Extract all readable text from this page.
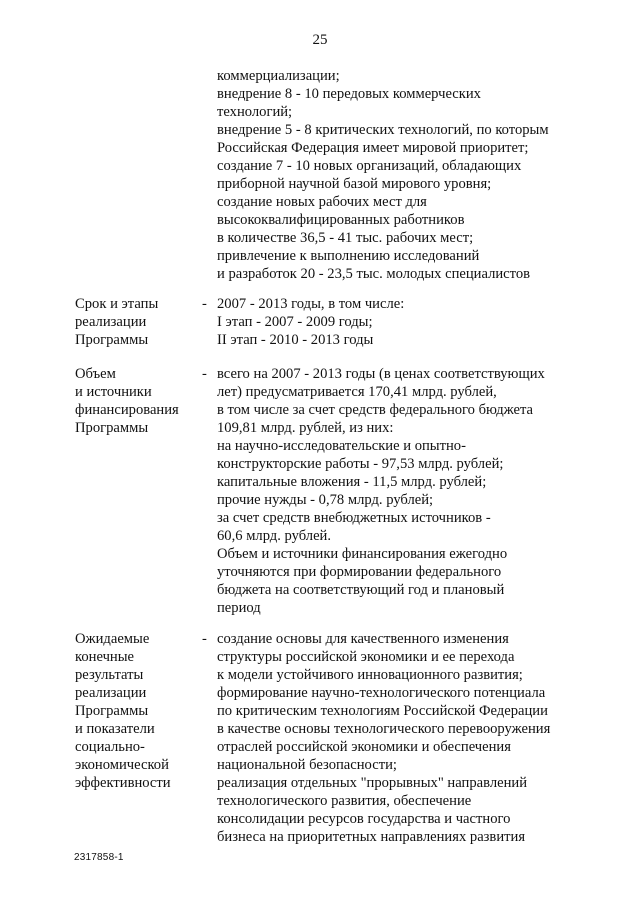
25
коммерциализации;
внедрение 8 - 10 передовых коммерческих
технологий;
внедрение 5 - 8 критических технологий, по которым
Российская Федерация имеет мировой приоритет;
создание 7 - 10 новых организаций, обладающих
приборной научной базой мирового уровня;
создание новых рабочих мест для
высококвалифицированных работников
в количестве 36,5 - 41 тыс. рабочих мест;
привлечение к выполнению исследований
и разработок 20 - 23,5 тыс. молодых специалистов
Срок и этапы
реализации
Программы
- 2007 - 2013 годы, в том числе:
I этап - 2007 - 2009 годы;
II этап - 2010 - 2013 годы
Объем
и источники
финансирования
Программы
- всего на 2007 - 2013 годы (в ценах соответствующих
лет) предусматривается 170,41 млрд. рублей,
в том числе за счет средств федерального бюджета
109,81 млрд. рублей, из них:
на научно-исследовательские и опытно-
конструкторские работы - 97,53 млрд. рублей;
капитальные вложения - 11,5 млрд. рублей;
прочие нужды - 0,78 млрд. рублей;
за счет средств внебюджетных источников -
60,6 млрд. рублей.
Объем и источники финансирования ежегодно
уточняются при формировании федерального
бюджета на соответствующий год и плановый
период
Ожидаемые
конечные
результаты
реализации
Программы
и показатели
социально-
экономической
эффективности
- создание основы для качественного изменения
структуры российской экономики и ее перехода
к модели устойчивого инновационного развития;
формирование научно-технологического потенциала
по критическим технологиям Российской Федерации
в качестве основы технологического перевооружения
отраслей российской экономики и обеспечения
национальной безопасности;
реализация отдельных "прорывных" направлений
технологического развития, обеспечение
консолидации ресурсов государства и частного
бизнеса на приоритетных направлениях развития
2317858-1
